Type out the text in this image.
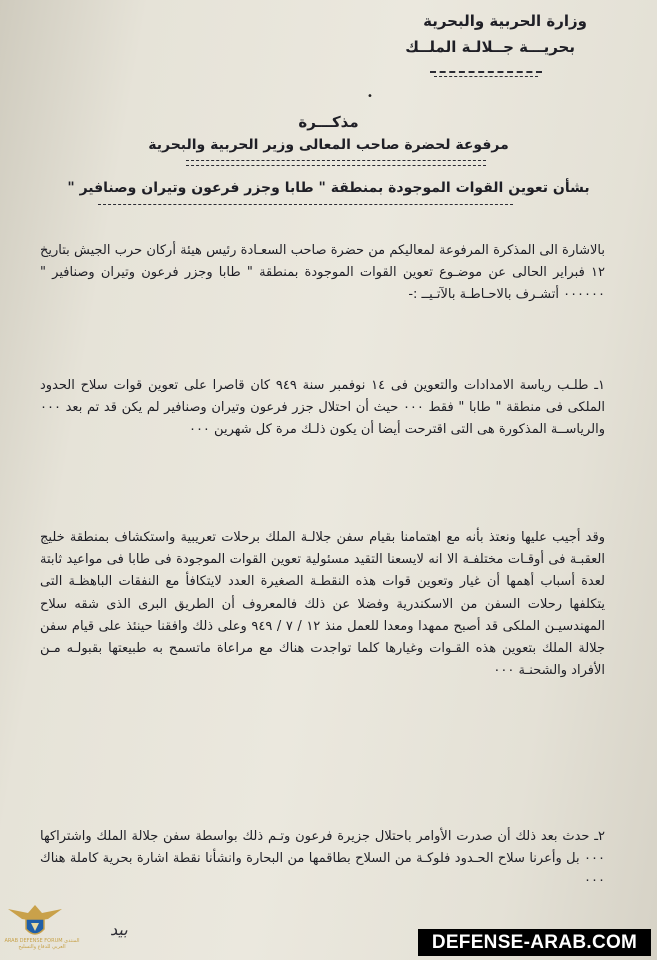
وزارة الحربية والبحرية
بحريـــة جــلالـة الملــك
•
مذكـــرة
مرفوعة لحضرة صاحب المعالى وزير الحربية والبحرية
بشأن تعوين القوات الموجودة بمنطقة " طابا وجزر فرعون وتيران وصنافير "
بالاشارة الى المذكرة المرفوعة لمعاليكم من حضرة صاحب السعـادة رئيس هيئة أركان حرب الجيش بتاريخ ١٢ فبراير الحالى عن موضـوع تعوين القوات الموجودة بمنطقة " طابا وجزر فرعون وتيران وصنافير " ٠٠٠٠٠٠ أتشـرف بالاحـاطـة بالآتـيــ :-
١ـ طلـب رياسة الامدادات والتعوين فى ١٤ نوفمبر سنة ٩٤٩ كان قاصرا على تعوين قوات سلاح الحدود الملكى فى منطقة " طابا " فقط ٠٠٠ حيث أن احتلال جزر فرعون وتيران وصنافير لم يكن قد تم بعد ٠٠٠ والرياســة المذكورة هى التى اقترحت أيضا أن يكون ذلـك مرة كل شهرين ٠٠٠
وقد أجيب عليها ونعتذ بأنه مع اهتمامنا بقيام سفن جلالـة الملك برحلات تعريبية واستكشاف بمنطقة خليج العقبـة فى أوقـات مختلفـة الا انه لايسعنا التقيد مسئولية تعوين القوات الموجودة فى طابا فى مواعيد ثابتة لعدة أسباب أهمها أن غيار وتعوين قوات هذه النقطـة الصغيرة العدد لايتكافأ مع النفقات الباهظـة التى يتكلفها رحلات السفن من الاسكندرية وفضلا عن ذلك فالمعروف أن الطريق البرى الذى شقه سلاح المهندسيـن الملكى قد أصبح ممهدا ومعدا للعمل منذ ١٢ / ٧ / ٩٤٩ وعلى ذلك وافقنا حينئذ على قيام سفن جلالة الملك بتعوين هذه القـوات وغيارها كلما تواجدت هناك مع مراعاة ماتسمح به طبيعتها بقبولـه مـن الأفراد والشحنـة ٠٠٠
٢ـ حدث بعد ذلك أن صدرت الأوامر باحتلال جزيرة فرعون وتـم ذلك بواسطة سفن جلالة الملك واشتراكها ٠٠٠ بل وأعرنا سلاح الحـدود فلوكـة من السلاح بطاقمها من البحارة وانشأنا نقطة اشارة بحرية كاملة هناك ٠٠٠
بيد
ARAB DEFENSE FORUM المنتدى العربي للدفاع والتسليح	DEFENSE-ARAB.COM
